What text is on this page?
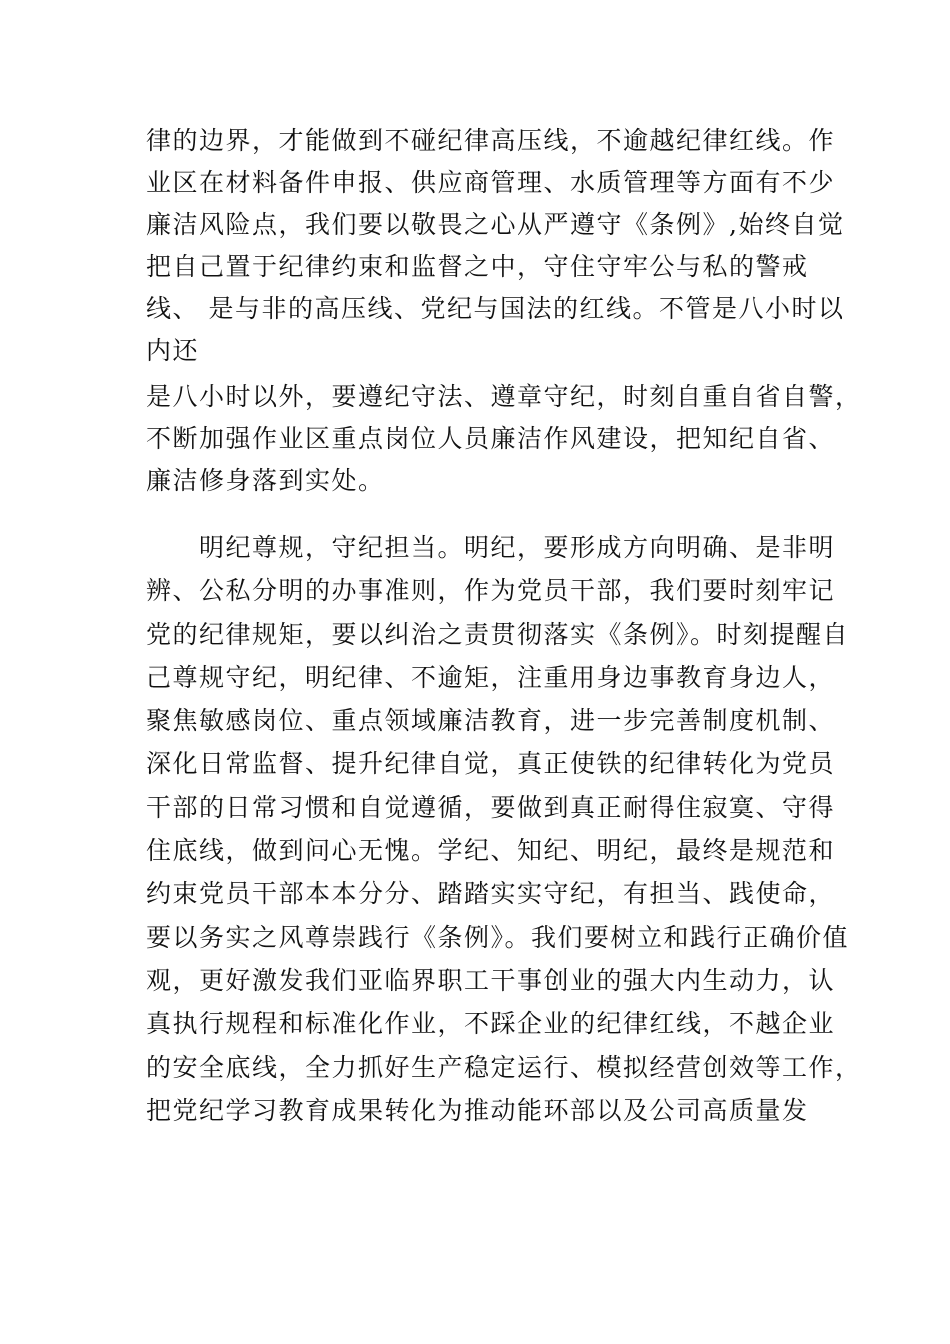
律的边界，才能做到不碰纪律高压线，不逾越纪律红线。作
业区在材料备件申报、供应商管理、水质管理等方面有不少
廉洁风险点，我们要以敬畏之心从严遵守《条例》,始终自觉
把自己置于纪律约束和监督之中，守住守牢公与私的警戒
线、 是与非的高压线、党纪与国法的红线。不管是八小时以
内还
是八小时以外，要遵纪守法、遵章守纪，时刻自重自省自警，
不断加强作业区重点岗位人员廉洁作风建设，把知纪自省、
廉洁修身落到实处。
　　明纪尊规，守纪担当。明纪，要形成方向明确、是非明
辨、公私分明的办事准则，作为党员干部，我们要时刻牢记
党的纪律规矩，要以纠治之责贯彻落实《条例》。时刻提醒自
己尊规守纪，明纪律、不逾矩，注重用身边事教育身边人，
聚焦敏感岗位、重点领域廉洁教育，进一步完善制度机制、
深化日常监督、提升纪律自觉，真正使铁的纪律转化为党员
干部的日常习惯和自觉遵循，要做到真正耐得住寂寞、守得
住底线，做到问心无愧。学纪、知纪、明纪，最终是规范和
约束党员干部本本分分、踏踏实实守纪，有担当、践使命，
要以务实之风尊崇践行《条例》。我们要树立和践行正确价值
观，更好激发我们亚临界职工干事创业的强大内生动力，认
真执行规程和标准化作业，不踩企业的纪律红线，不越企业
的安全底线，全力抓好生产稳定运行、模拟经营创效等工作，
把党纪学习教育成果转化为推动能环部以及公司高质量发
